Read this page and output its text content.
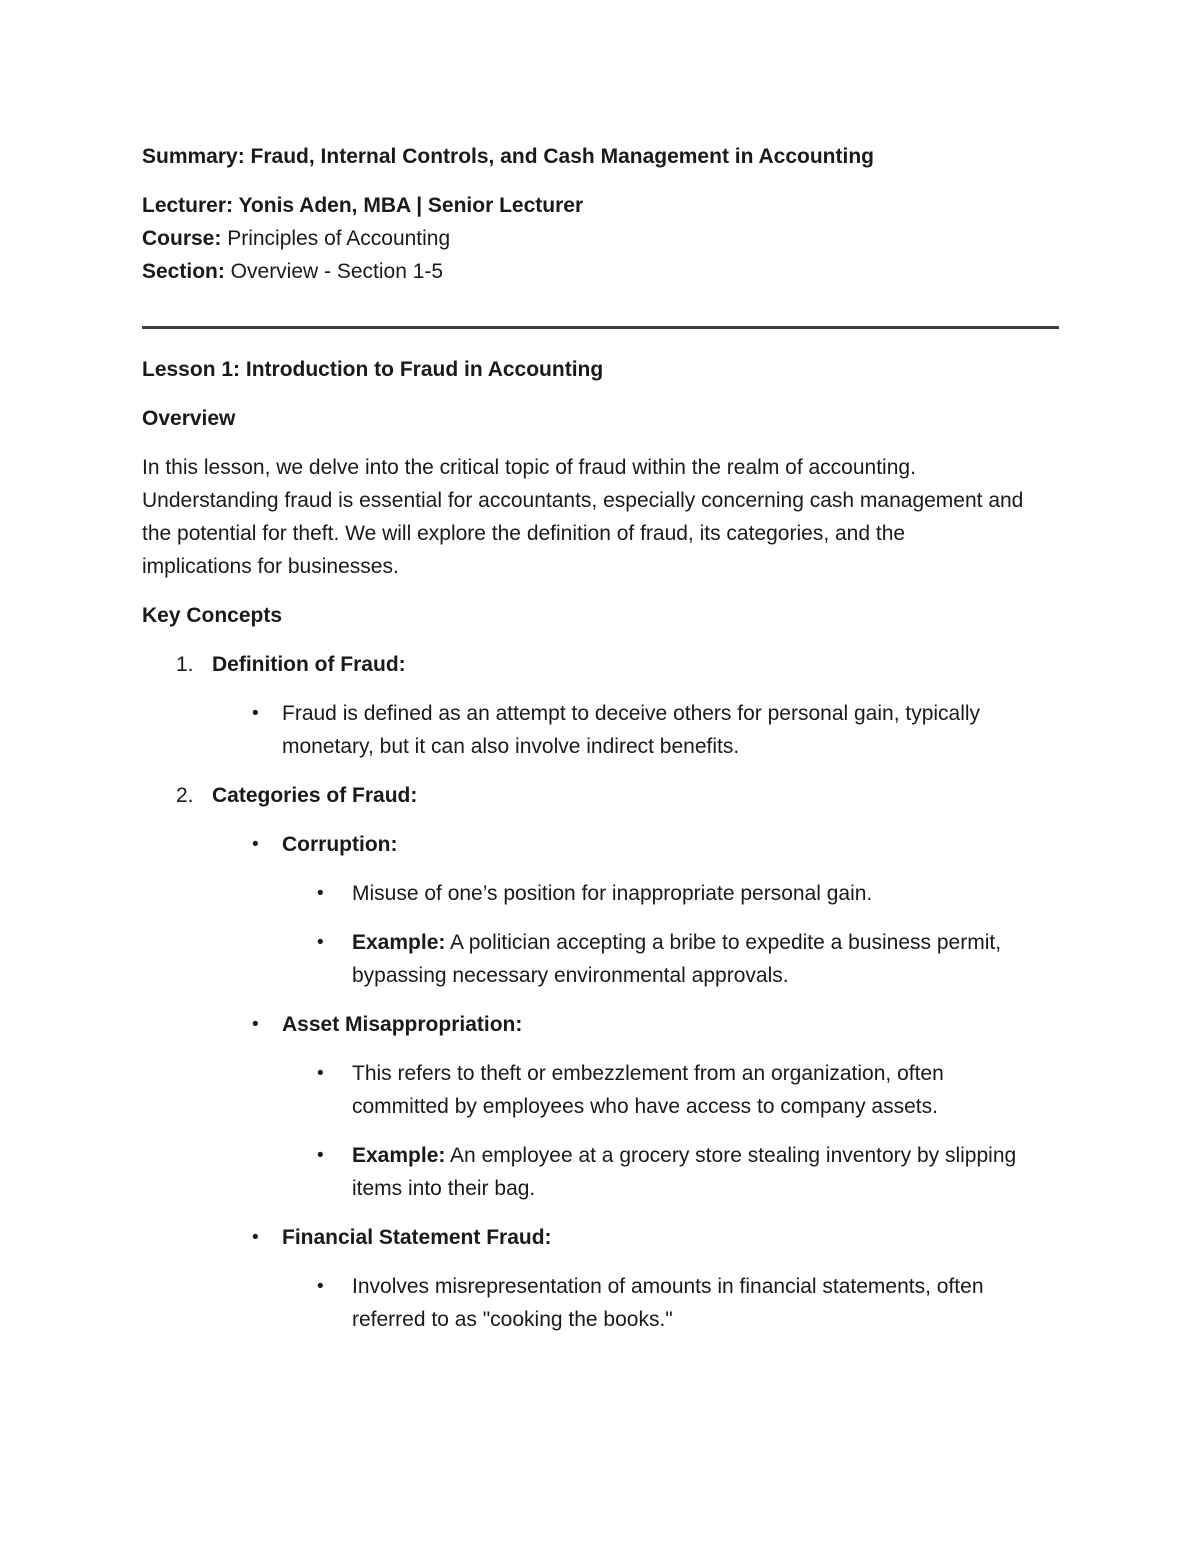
Summary: Fraud, Internal Controls, and Cash Management in Accounting

Lecturer: Yonis Aden, MBA | Senior Lecturer

Course: Principles of Accounting

Section: Overview - Section 1-5

Lesson 1: Introduction to Fraud in Accounting

Overview

In this lesson, we delve into the critical topic of fraud within the realm of accounting.

Understanding fraud is essential for accountants, especially concerning cash management and

the potential for theft. We will explore the definition of fraud, its categories, and the

implications for businesses.

Key Concepts

1. Definition of Fraud:

• Fraud is defined as an attempt to deceive others for personal gain, typically

monetary, but it can also involve indirect benefits.

2. Categories of Fraud:

• Corruption:

• Misuse of one’s position for inappropriate personal gain.

• Example: A politician accepting a bribe to expedite a business permit,

bypassing necessary environmental approvals.

• Asset Misappropriation:

• This refers to theft or embezzlement from an organization, often

committed by employees who have access to company assets.

• Example: An employee at a grocery store stealing inventory by slipping

items into their bag.

• Financial Statement Fraud:

• Involves misrepresentation of amounts in financial statements, often

referred to as "cooking the books."
